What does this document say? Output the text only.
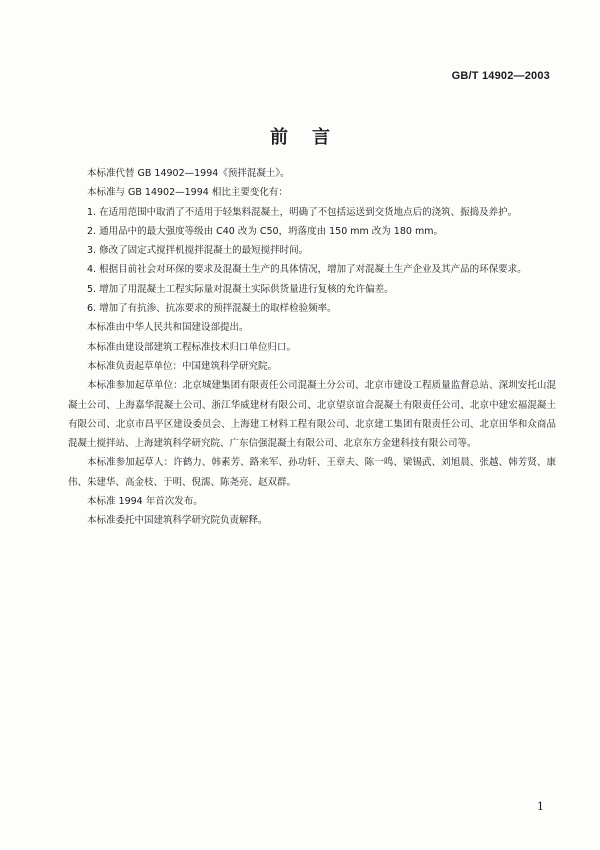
GB/T 14902—2003
前言

本标准代替 GB 14902—1994《预拌混凝土》。

本标准与 GB 14902—1994 相比主要变化有：

1. 在适用范围中取消了不适用于轻集料混凝土，明确了不包括运送到交货地点后的浇筑、振捣及养护。

2. 通用品中的最大强度等级由 C40 改为 C50，坍落度由 150 mm 改为 180 mm。

3. 修改了固定式搅拌机搅拌混凝土的最短搅拌时间。

4. 根据目前社会对环保的要求及混凝土生产的具体情况，增加了对混凝土生产企业及其产品的环保要求。

5. 增加了用混凝土工程实际量对混凝土实际供货量进行复核的允许偏差。

6. 增加了有抗渗、抗冻要求的预拌混凝土的取样检验频率。

本标准由中华人民共和国建设部提出。

本标准由建设部建筑工程标准技术归口单位归口。

本标准负责起草单位：中国建筑科学研究院。

本标准参加起草单位：北京城建集团有限责任公司混凝土分公司、北京市建设工程质量监督总站、深圳安托山混凝土公司、上海嘉华混凝土公司、浙江华威建材有限公司、北京望京谊合混凝土有限责任公司、北京中建宏福混凝土有限公司、北京市昌平区建设委员会、上海建工材料工程有限公司、北京建工集团有限责任公司、北京田华和众商品混凝土搅拌站、上海建筑科学研究院、广东信强混凝土有限公司、北京东方金建科技有限公司等。

本标准参加起草人：许鹤力、韩素芳、路来军、孙功轩、王章夫、陈一鸣、梁锡武、刘旭晨、张越、韩芳贤、康伟、朱建华、高金枝、于明、倪濡、陈尧亮、赵双群。

本标准 1994 年首次发布。

本标准委托中国建筑科学研究院负责解释。

1
